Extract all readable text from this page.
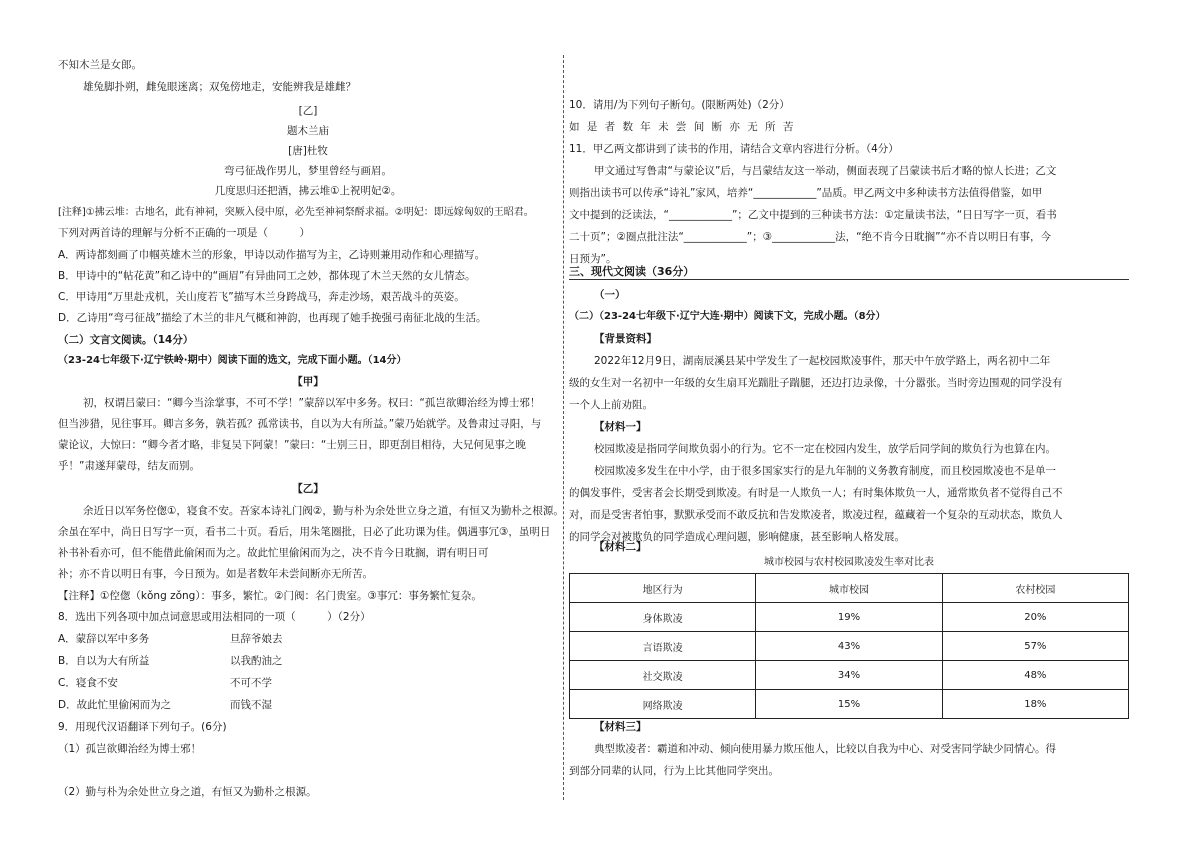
不知木兰是女郎。
雄兔脚扑朔，雌兔眼迷离；双兔傍地走，安能辨我是雄雌？
[乙]
题木兰庙
[唐]杜牧
弯弓征战作男儿，梦里曾经与画眉。
几度思归还把酒，拂云堆①上祝明妃②。
[注释]①拂云堆：古地名，此有神祠，突厥入侵中原，必先至神祠祭酹求福。②明妃：即远嫁匈奴的王昭君。
下列对两首诗的理解与分析不正确的一项是（　　　）
A．两诗都刻画了巾帼英雄木兰的形象，甲诗以动作描写为主，乙诗则兼用动作和心理描写。
B．甲诗中的“帖花黄”和乙诗中的“画眉”有异曲同工之妙，都体现了木兰天然的女儿情态。
C．甲诗用“万里赴戎机，关山度若飞”描写木兰身跨战马，奔走沙场，艰苦战斗的英姿。
D．乙诗用“弯弓征战”描绘了木兰的非凡气概和神韵，也再现了她手挽强弓南征北战的生活。
（二）文言文阅读。（14分）
（23-24七年级下·辽宁铁岭·期中）阅读下面的选文，完成下面小题。（14分）
【甲】
初，权谓吕蒙曰：“卿今当涂掌事，不可不学！”蒙辞以军中多务。权曰：“孤岂欲卿治经为博士邪！
但当涉猎，见往事耳。卿言多务，孰若孤？孤常读书，自以为大有所益。”蒙乃始就学。及鲁肃过寻阳，与
蒙论议，大惊曰：“卿今者才略，非复吴下阿蒙！”蒙曰：“士别三日，即更刮目相待，大兄何见事之晚
乎！”肃遂拜蒙母，结友而别。
【乙】
余近日以军务倥偬①，寝食不安。吾家本诗礼门阀②，勤与朴为余处世立身之道，有恒又为勤朴之根源。
余虽在军中，尚日日写字一页，看书二十页。看后，用朱笔圈批，日必了此功课为佳。偶遇事冗③，虽明日
补书补看亦可，但不能借此偷闲而为之。故此忙里偷闲而为之，决不肯今日耽搁，谓有明日可
补；亦不肯以明日有事，今日预为。如是者数年未尝间断亦无所苦。
【注释】①倥偬（kǒng zǒng）：事多，繁忙。②门阀：名门贵室。③事冗：事务繁忙复杂。
8．选出下列各项中加点词意思或用法相同的一项（　　　）（2分）
A．蒙辞以军中多务	旦辞爷娘去
B．自以为大有所益	以我酌油之
C．寝食不安	不可不学
D．故此忙里偷闲而为之	而钱不湿
9．用现代汉语翻译下列句子。(6分)
（1）孤岂欲卿治经为博士邪！
（2）勤与朴为余处世立身之道，有恒又为勤朴之根源。
10．请用/为下列句子断句。(限断两处)（2分）
如 是 者 数 年 未 尝 间 断 亦 无 所 苦
11．甲乙两文都讲到了读书的作用，请结合文章内容进行分析。（4分）
甲文通过写鲁肃“与蒙论议”后，与吕蒙结友这一举动，侧面表现了吕蒙读书后才略的惊人长进；乙文
则指出读书可以传承“诗礼”家风，培养“____________”品质。甲乙两文中多种读书方法值得借鉴，如甲
文中提到的泛读法，“____________”；乙文中提到的三种读书方法：①定量读书法，“日日写字一页，看书
二十页”；②圈点批注法“____________”；③____________法，“绝不肯今日耽搁”“亦不肯以明日有事，今
日预为”。
三、现代文阅读（36分）
（一）
（二）（23-24七年级下·辽宁大连·期中）阅读下文，完成小题。（8分）
【背景资料】
2022年12月9日，湖南辰溪县某中学发生了一起校园欺凌事件，那天中午放学路上，两名初中二年
级的女生对一名初中一年级的女生扇耳光踹肚子踹腿，还边打边录像，十分嚣张。当时旁边围观的同学没有
一个人上前劝阻。
【材料一】
校园欺凌是指同学间欺负弱小的行为。它不一定在校园内发生，放学后同学间的欺负行为也算在内。
校园欺凌多发生在中小学，由于很多国家实行的是九年制的义务教育制度，而且校园欺凌也不是单一
的偶发事件，受害者会长期受到欺凌。有时是一人欺负一人；有时集体欺负一人，通常欺负者不觉得自己不
对，而是受害者怕事，默默承受而不敢反抗和告发欺凌者，欺凌过程，蕴藏着一个复杂的互动状态，欺负人
的同学会对被欺负的同学造成心理问题，影响健康，甚至影响人格发展。
【材料二】
城市校园与农村校园欺凌发生率对比表
地区行为	城市校园	农村校园
身体欺凌	19%	20%
言语欺凌	43%	57%
社交欺凌	34%	48%
网络欺凌	15%	18%
【材料三】
典型欺凌者：霸道和冲动、倾向使用暴力欺压他人，比较以自我为中心、对受害同学缺少同情心。得
到部分同辈的认同，行为上比其他同学突出。
